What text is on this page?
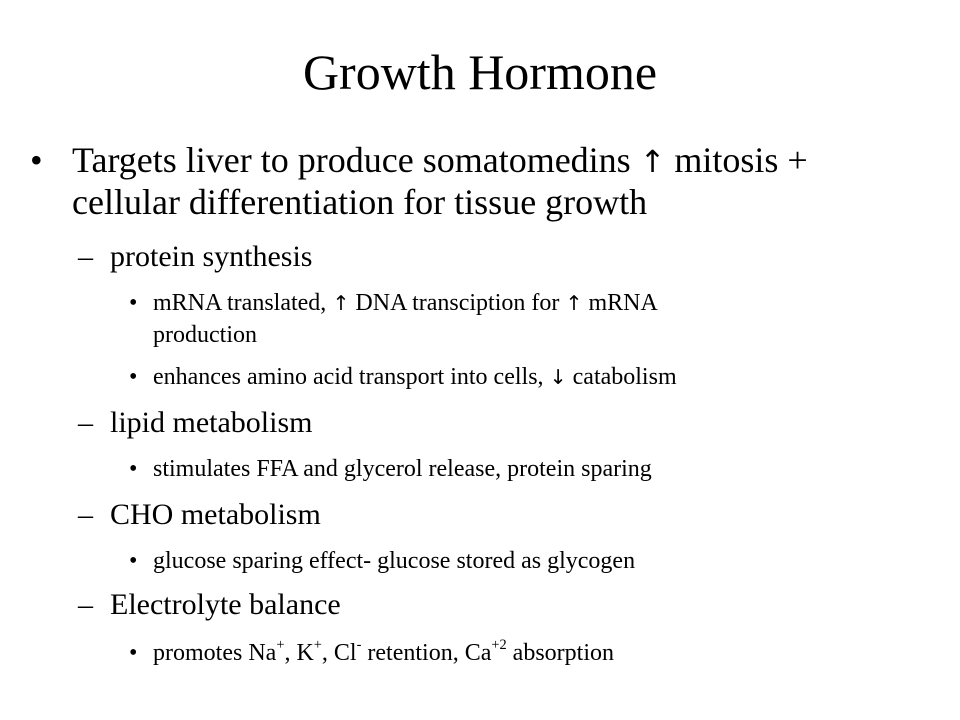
Growth Hormone
• Targets liver to produce somatomedins ↑ mitosis +
cellular differentiation for tissue growth
– protein synthesis
• mRNA translated, ↑ DNA transciption for ↑ mRNA
production
• enhances amino acid transport into cells, ↓ catabolism
– lipid metabolism
• stimulates FFA and glycerol release, protein sparing
– CHO metabolism
• glucose sparing effect- glucose stored as glycogen
– Electrolyte balance
• promotes Na+, K+, Cl- retention, $Ca^{+2}$ absorption
